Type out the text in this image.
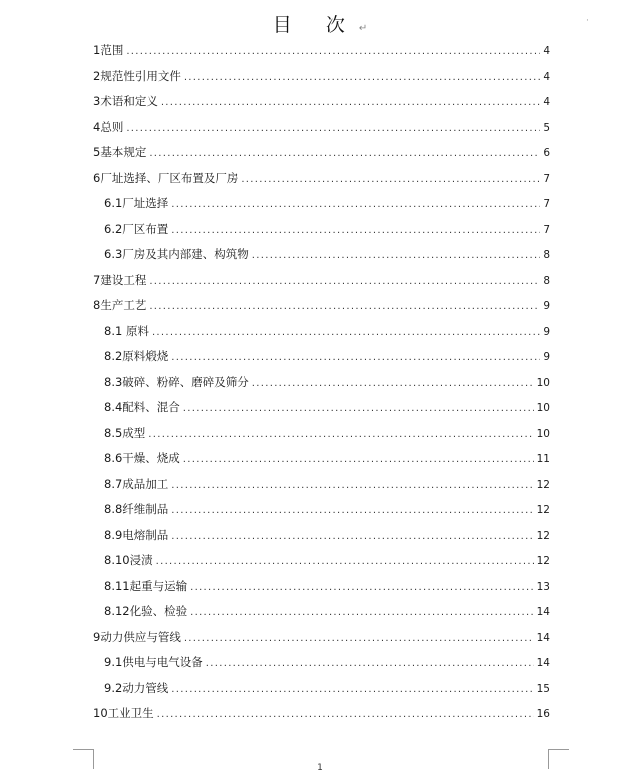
目 次↵
·
1范围 .....	4
2规范性引用文件 .....	4
3术语和定义 .....	4
4总则 .....	5
5基本规定 .....	6
6厂址选择、厂区布置及厂房 .....	7
6.1厂址选择 .....	7
6.2厂区布置 .....	7
6.3厂房及其内部建、构筑物 .....	8
7建设工程 .....	8
8生产工艺 .....	9
8.1 原料 .....	9
8.2原料煅烧 .....	9
8.3破碎、粉碎、磨碎及筛分 .....	10
8.4配料、混合 .....	10
8.5成型 .....	10
8.6干燥、烧成 .....	11
8.7成品加工 .....	12
8.8纤维制品 .....	12
8.9电熔制品 .....	12
8.10浸渍 .....	12
8.11起重与运输 .....	13
8.12化验、检验 .....	14
9动力供应与管线 .....	14
9.1供电与电气设备 .....	14
9.2动力管线 .....	15
10工业卫生 .....	16
1
